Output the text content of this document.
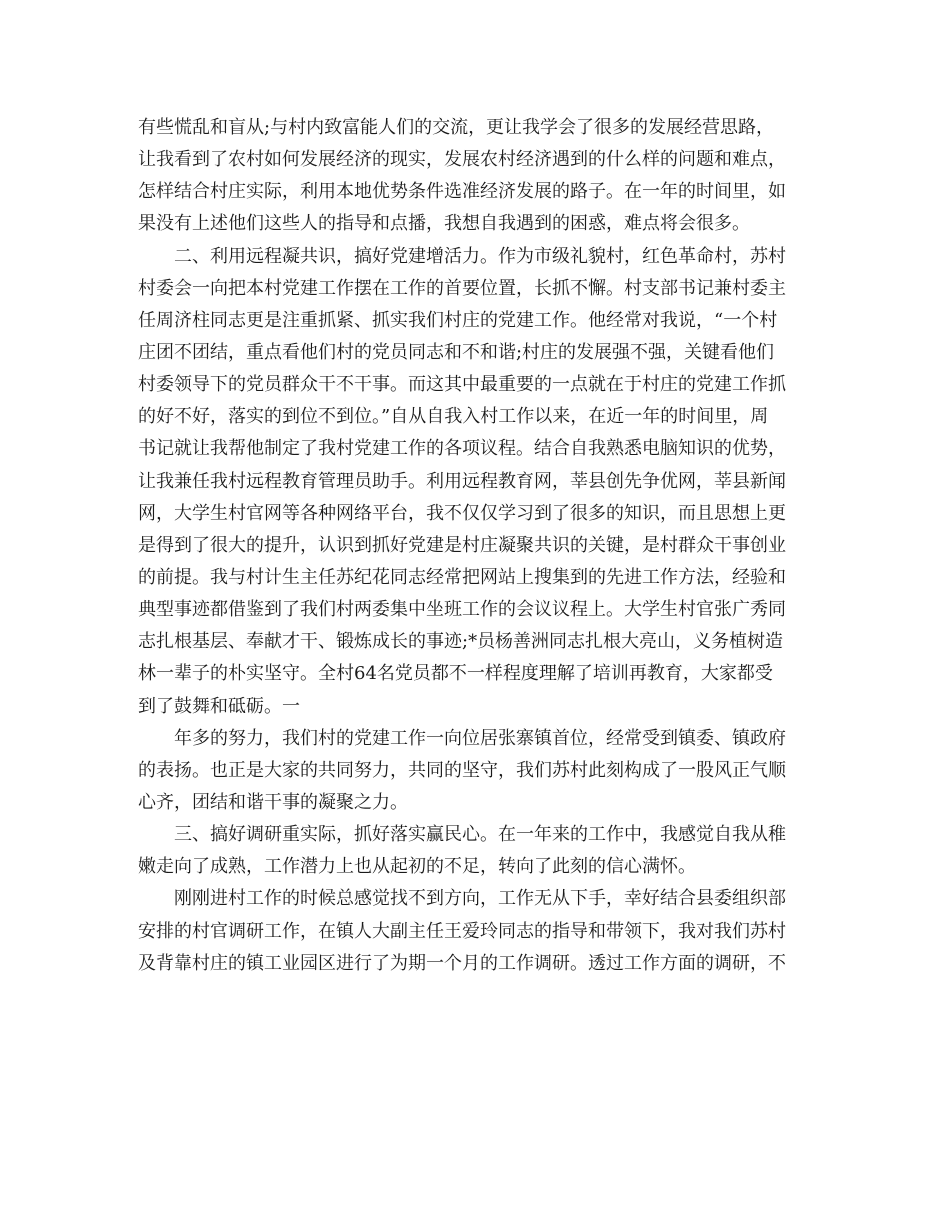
有些慌乱和盲从;与村内致富能人们的交流，更让我学会了很多的发展经营思路，
让我看到了农村如何发展经济的现实，发展农村经济遇到的什么样的问题和难点，
怎样结合村庄实际，利用本地优势条件选准经济发展的路子。在一年的时间里，如
果没有上述他们这些人的指导和点播，我想自我遇到的困惑，难点将会很多。
　　二、利用远程凝共识，搞好党建增活力。作为市级礼貌村，红色革命村，苏村
村委会一向把本村党建工作摆在工作的首要位置，长抓不懈。村支部书记兼村委主
任周济柱同志更是注重抓紧、抓实我们村庄的党建工作。他经常对我说，“一个村
庄团不团结，重点看他们村的党员同志和不和谐;村庄的发展强不强，关键看他们
村委领导下的党员群众干不干事。而这其中最重要的一点就在于村庄的党建工作抓
的好不好，落实的到位不到位。”自从自我入村工作以来，在近一年的时间里，周
书记就让我帮他制定了我村党建工作的各项议程。结合自我熟悉电脑知识的优势，
让我兼任我村远程教育管理员助手。利用远程教育网，莘县创先争优网，莘县新闻
网，大学生村官网等各种网络平台，我不仅仅学习到了很多的知识，而且思想上更
是得到了很大的提升，认识到抓好党建是村庄凝聚共识的关键，是村群众干事创业
的前提。我与村计生主任苏纪花同志经常把网站上搜集到的先进工作方法，经验和
典型事迹都借鉴到了我们村两委集中坐班工作的会议议程上。大学生村官张广秀同
志扎根基层、奉献才干、锻炼成长的事迹;*员杨善洲同志扎根大亮山，义务植树造
林一辈子的朴实坚守。全村64名党员都不一样程度理解了培训再教育，大家都受
到了鼓舞和砥砺。一
　　年多的努力，我们村的党建工作一向位居张寨镇首位，经常受到镇委、镇政府
的表扬。也正是大家的共同努力，共同的坚守，我们苏村此刻构成了一股风正气顺
心齐，团结和谐干事的凝聚之力。
　　三、搞好调研重实际，抓好落实赢民心。在一年来的工作中，我感觉自我从稚
嫩走向了成熟，工作潜力上也从起初的不足，转向了此刻的信心满怀。
　　刚刚进村工作的时候总感觉找不到方向，工作无从下手，幸好结合县委组织部
安排的村官调研工作，在镇人大副主任王爱玲同志的指导和带领下，我对我们苏村
及背靠村庄的镇工业园区进行了为期一个月的工作调研。透过工作方面的调研，不
